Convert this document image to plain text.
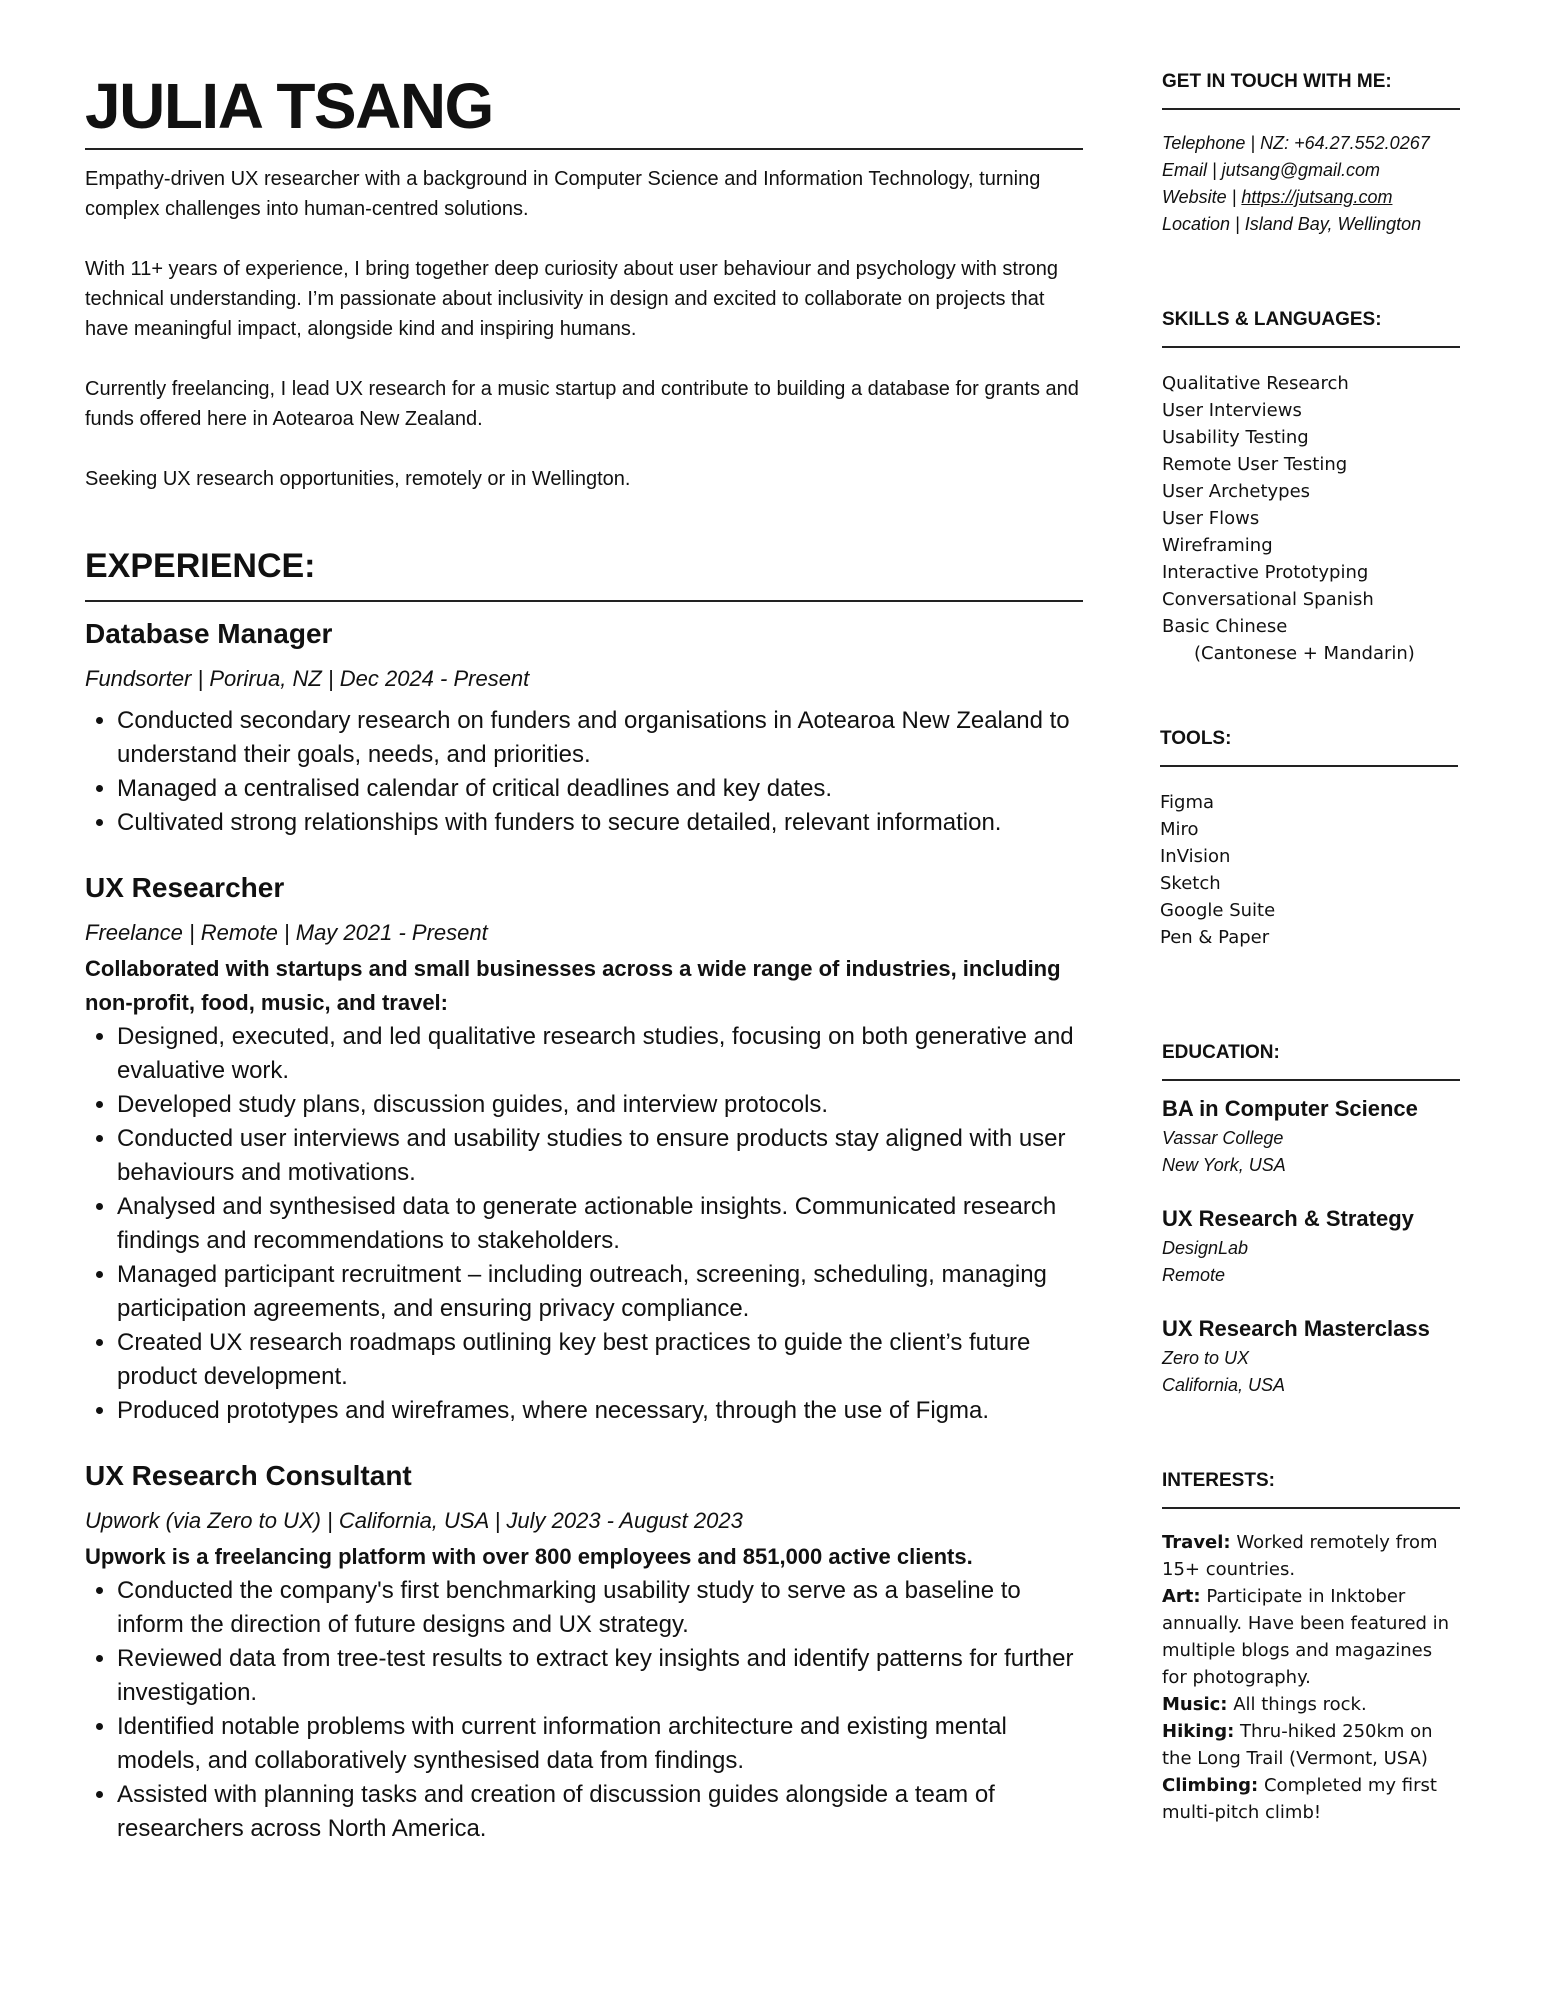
JULIA TSANG

Empathy-driven UX researcher with a background in Computer Science and Information Technology, turning complex challenges into human-centred solutions.

With 11+ years of experience, I bring together deep curiosity about user behaviour and psychology with strong technical understanding. I’m passionate about inclusivity in design and excited to collaborate on projects that have meaningful impact, alongside kind and inspiring humans.

Currently freelancing, I lead UX research for a music startup and contribute to building a database for grants and funds offered here in Aotearoa New Zealand.

Seeking UX research opportunities, remotely or in Wellington.

EXPERIENCE:
Database Manager
Fundsorter | Porirua, NZ | Dec 2024 - Present
• Conducted secondary research on funders and organisations in Aotearoa New Zealand to understand their goals, needs, and priorities.
• Managed a centralised calendar of critical deadlines and key dates.
• Cultivated strong relationships with funders to secure detailed, relevant information.
UX Researcher
Freelance | Remote | May 2021 - Present
Collaborated with startups and small businesses across a wide range of industries, including non-profit, food, music, and travel:
• Designed, executed, and led qualitative research studies, focusing on both generative and evaluative work.
• Developed study plans, discussion guides, and interview protocols.
• Conducted user interviews and usability studies to ensure products stay aligned with user behaviours and motivations.
• Analysed and synthesised data to generate actionable insights. Communicated research findings and recommendations to stakeholders.
• Managed participant recruitment – including outreach, screening, scheduling, managing participation agreements, and ensuring privacy compliance.
• Created UX research roadmaps outlining key best practices to guide the client’s future product development.
• Produced prototypes and wireframes, where necessary, through the use of Figma.
UX Research Consultant
Upwork (via Zero to UX) | California, USA | July 2023 - August 2023
Upwork is a freelancing platform with over 800 employees and 851,000 active clients.
• Conducted the company's first benchmarking usability study to serve as a baseline to inform the direction of future designs and UX strategy.
• Reviewed data from tree-test results to extract key insights and identify patterns for further investigation.
• Identified notable problems with current information architecture and existing mental models, and collaboratively synthesised data from findings.
• Assisted with planning tasks and creation of discussion guides alongside a team of researchers across North America.
GET IN TOUCH WITH ME:
Telephone | NZ: +64.27.552.0267
Email | jutsang@gmail.com
Website | https://jutsang.com
Location | Island Bay, Wellington
SKILLS & LANGUAGES:
Qualitative Research
User Interviews
Usability Testing
Remote User Testing
User Archetypes
User Flows
Wireframing
Interactive Prototyping
Conversational Spanish
Basic Chinese
(Cantonese + Mandarin)
TOOLS:
Figma
Miro
InVision
Sketch
Google Suite
Pen & Paper
EDUCATION:
BA in Computer Science
Vassar College
New York, USA
UX Research & Strategy
DesignLab
Remote
UX Research Masterclass
Zero to UX
California, USA
INTERESTS:
Travel: Worked remotely from 15+ countries.
Art: Participate in Inktober annually. Have been featured in multiple blogs and magazines for photography.
Music: All things rock.
Hiking: Thru-hiked 250km on the Long Trail (Vermont, USA)
Climbing: Completed my first multi-pitch climb!
